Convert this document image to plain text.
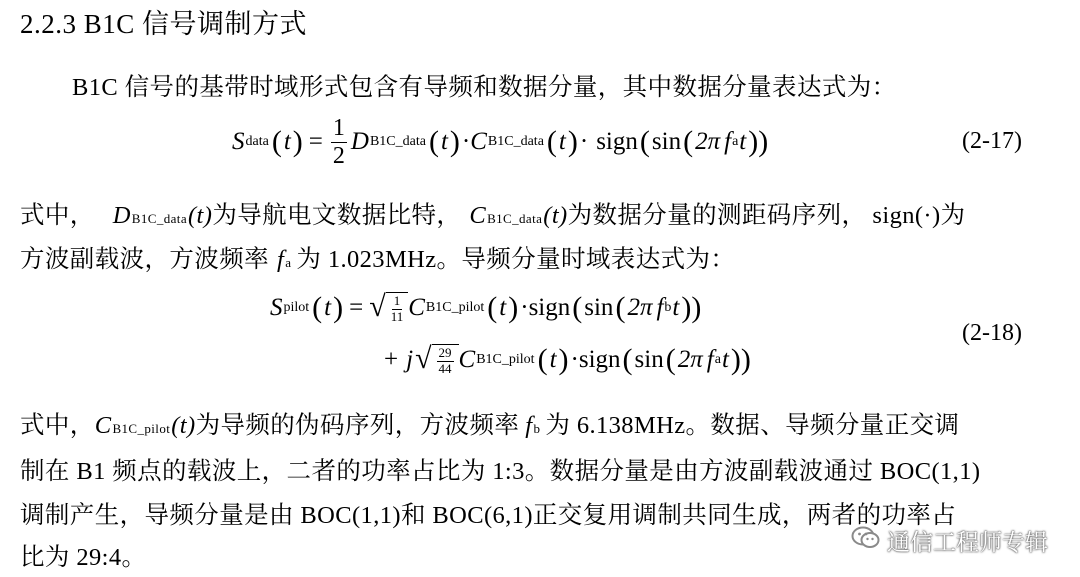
2.2.3 B1C 信号调制方式
B1C 信号的基带时域形式包含有导频和数据分量，其中数据分量表达式为：
S data ( t ) = $\frac{1}{2}$ D B1C_data ( t ) · C B1C_data ( t ) · sign ( sin ( 2π f a t ))	(2-17)
式中， D B1C_data (t) 为导航电文数据比特， C B1C_data (t) 为数据分量的测距码序列， sign(·) 为
方波副载波，方波频率 f a 为 1.023MHz。导频分量时域表达式为：
S pilot ( t ) = √ $\frac{1}{11}$ C B1C_pilot ( t ) · sign ( sin ( 2π f b t ))
(2-18)
+ j √ $\frac{29}{44}$ C B1C_pilot ( t ) · sign ( sin ( 2π f a t ))
式中， C B1C_pilot (t) 为导频的伪码序列，方波频率 f b 为 6.138MHz。数据、导频分量正交调
制在 B1 频点的载波上，二者的功率占比为 1:3。数据分量是由方波副载波通过 BOC(1,1)
调制产生，导频分量是由 BOC(1,1)和 BOC(6,1)正交复用调制共同生成，两者的功率占
比为 29:4。
通信工程师专辑
